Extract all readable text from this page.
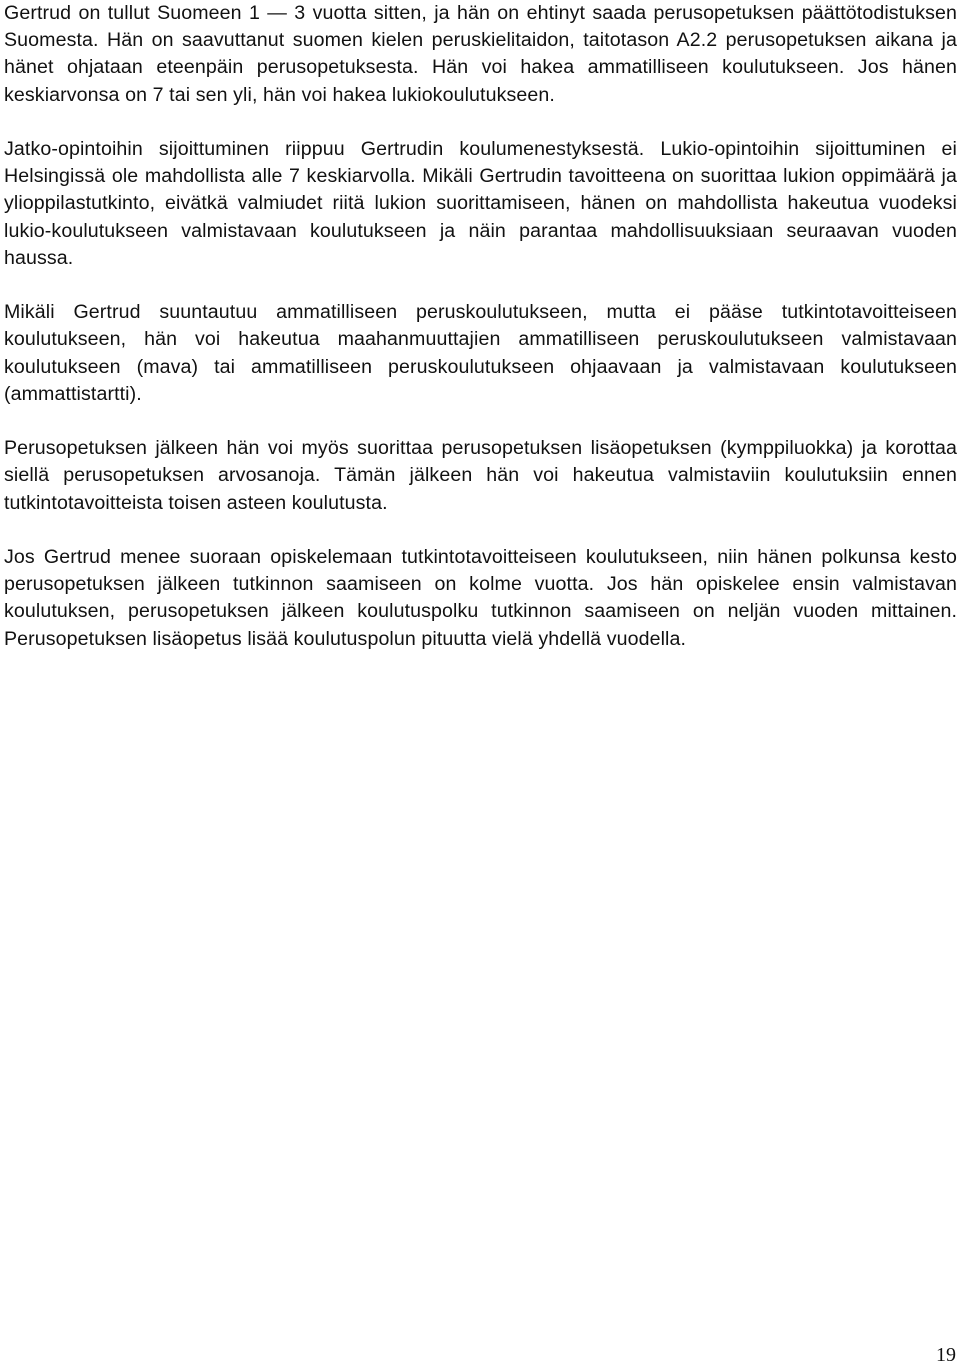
Gertrud on tullut Suomeen 1 — 3 vuotta sitten, ja hän on ehtinyt saada perusopetuksen päättötodistuksen Suomesta. Hän on saavuttanut suomen kielen peruskielitaidon, taitotason A2.2 perusopetuksen aikana ja hänet ohjataan eteenpäin perusopetuksesta. Hän voi hakea ammatilliseen koulutukseen. Jos hänen keskiarvonsa on 7 tai sen yli, hän voi hakea lukiokoulutukseen.

Jatko-opintoihin sijoittuminen riippuu Gertrudin koulumenestyksestä. Lukio-opintoihin sijoittuminen ei Helsingissä ole mahdollista alle 7 keskiarvolla. Mikäli Gertrudin tavoitteena on suorittaa lukion oppimäärä ja ylioppilastutkinto, eivätkä valmiudet riitä lukion suorittamiseen, hänen on mahdollista hakeutua vuodeksi lukio-koulutukseen valmistavaan koulutukseen ja näin parantaa mahdollisuuksiaan seuraavan vuoden haussa.

Mikäli Gertrud suuntautuu ammatilliseen peruskoulutukseen, mutta ei pääse tutkintotavoitteiseen koulutukseen, hän voi hakeutua maahanmuuttajien ammatilliseen peruskoulutukseen valmistavaan koulutukseen (mava) tai ammatilliseen peruskoulutukseen ohjaavaan ja valmistavaan koulutukseen (ammattistartti).

Perusopetuksen jälkeen hän voi myös suorittaa perusopetuksen lisäopetuksen (kymppiluokka) ja korottaa siellä perusopetuksen arvosanoja. Tämän jälkeen hän voi hakeutua valmistaviin koulutuksiin ennen tutkintotavoitteista toisen asteen koulutusta.

Jos Gertrud menee suoraan opiskelemaan tutkintotavoitteiseen koulutukseen, niin hänen polkunsa kesto perusopetuksen jälkeen tutkinnon saamiseen on kolme vuotta. Jos hän opiskelee ensin valmistavan koulutuksen, perusopetuksen jälkeen koulutuspolku tutkinnon saamiseen on neljän vuoden mittainen. Perusopetuksen lisäopetus lisää koulutuspolun pituutta vielä yhdellä vuodella.

19
